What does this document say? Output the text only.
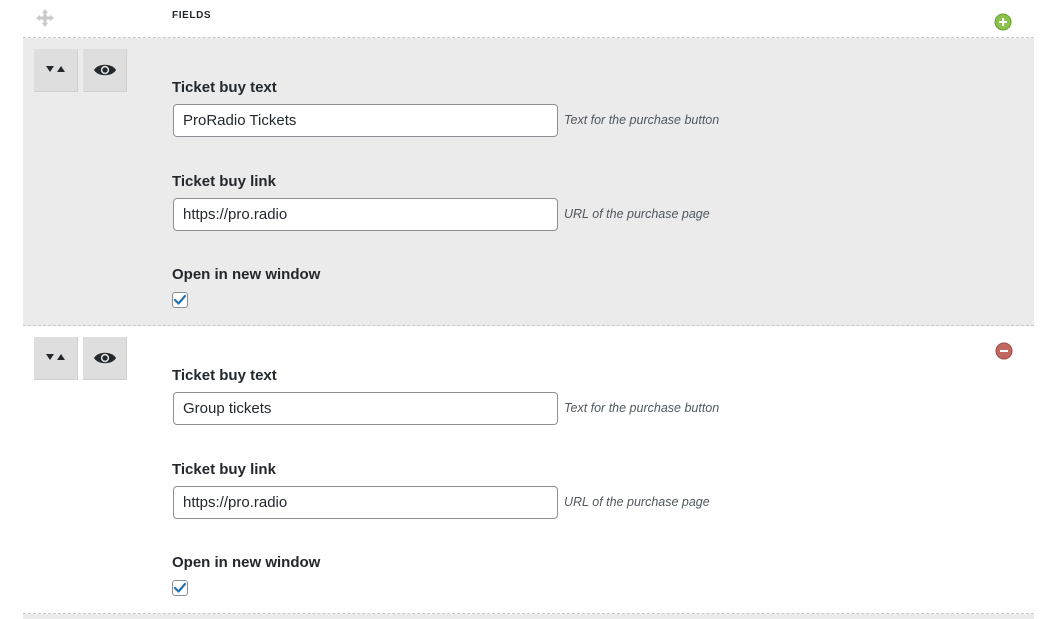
FIELDS
Ticket buy text
ProRadio Tickets
Text for the purchase button
Ticket buy link
https://pro.radio
URL of the purchase page
Open in new window
Ticket buy text
Group tickets
Text for the purchase button
Ticket buy link
https://pro.radio
URL of the purchase page
Open in new window
